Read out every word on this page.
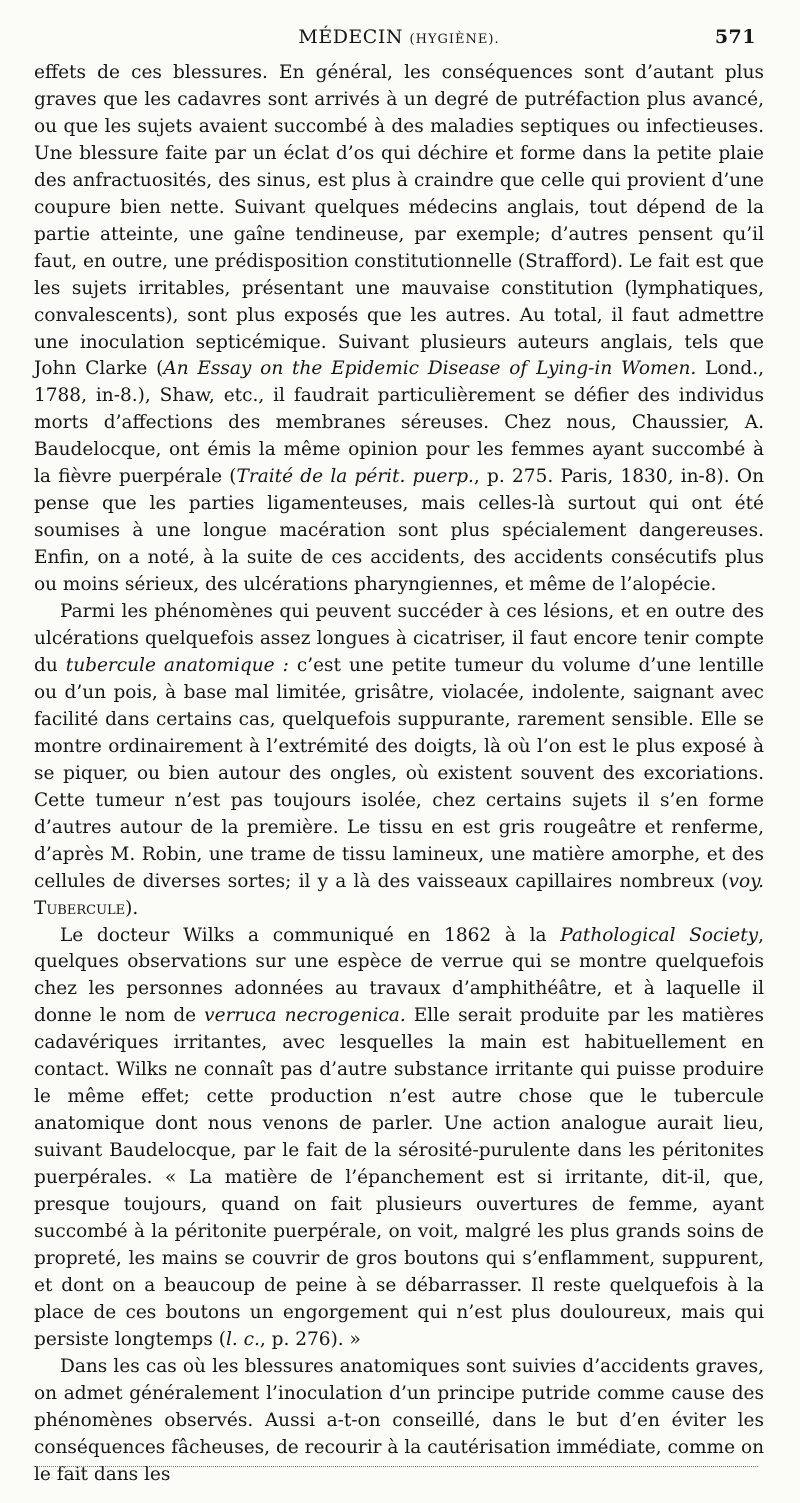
MÉDECIN (HYGIÈNE).	571

effets de ces blessures. En général, les conséquences sont d’autant plus graves que les cadavres sont arrivés à un degré de putréfaction plus avancé, ou que les sujets avaient succombé à des maladies septiques ou infectieuses. Une blessure faite par un éclat d’os qui déchire et forme dans la petite plaie des anfractuosités, des sinus, est plus à craindre que celle qui provient d’une coupure bien nette. Suivant quelques médecins anglais, tout dépend de la partie atteinte, une gaîne tendineuse, par exemple; d’autres pensent qu’il faut, en outre, une prédisposition constitutionnelle (Strafford). Le fait est que les sujets irritables, présentant une mauvaise constitution (lymphatiques, convalescents), sont plus exposés que les autres. Au total, il faut admettre une inoculation septicémique. Suivant plusieurs auteurs anglais, tels que John Clarke (An Essay on the Epidemic Disease of Lying-in Women. Lond., 1788, in-8.), Shaw, etc., il faudrait particulièrement se défier des individus morts d’affections des membranes séreuses. Chez nous, Chaussier, A. Baudelocque, ont émis la même opinion pour les femmes ayant succombé à la fièvre puerpérale (Traité de la périt. puerp., p. 275. Paris, 1830, in-8). On pense que les parties ligamenteuses, mais celles-là surtout qui ont été soumises à une longue macération sont plus spécialement dangereuses. Enfin, on a noté, à la suite de ces accidents, des accidents consécutifs plus ou moins sérieux, des ulcérations pharyngiennes, et même de l’alopécie.

Parmi les phénomènes qui peuvent succéder à ces lésions, et en outre des ulcérations quelquefois assez longues à cicatriser, il faut encore tenir compte du tubercule anatomique : c’est une petite tumeur du volume d’une lentille ou d’un pois, à base mal limitée, grisâtre, violacée, indolente, saignant avec facilité dans certains cas, quelquefois suppurante, rarement sensible. Elle se montre ordinairement à l’extrémité des doigts, là où l’on est le plus exposé à se piquer, ou bien autour des ongles, où existent souvent des excoriations. Cette tumeur n’est pas toujours isolée, chez certains sujets il s’en forme d’autres autour de la première. Le tissu en est gris rougeâtre et renferme, d’après M. Robin, une trame de tissu lamineux, une matière amorphe, et des cellules de diverses sortes; il y a là des vaisseaux capillaires nombreux (voy. Tubercule).

Le docteur Wilks a communiqué en 1862 à la Pathological Society, quelques observations sur une espèce de verrue qui se montre quelquefois chez les personnes adonnées au travaux d’amphithéâtre, et à laquelle il donne le nom de verruca necrogenica. Elle serait produite par les matières cadavériques irritantes, avec lesquelles la main est habituellement en contact. Wilks ne connaît pas d’autre substance irritante qui puisse produire le même effet; cette production n’est autre chose que le tubercule anatomique dont nous venons de parler. Une action analogue aurait lieu, suivant Baudelocque, par le fait de la sérosité-purulente dans les péritonites puerpérales. « La matière de l’épanchement est si irritante, dit-il, que, presque toujours, quand on fait plusieurs ouvertures de femme, ayant succombé à la péritonite puerpérale, on voit, malgré les plus grands soins de propreté, les mains se couvrir de gros boutons qui s’enflamment, suppurent, et dont on a beaucoup de peine à se débarrasser. Il reste quelquefois à la place de ces boutons un engorgement qui n’est plus douloureux, mais qui persiste longtemps (l. c., p. 276). »

Dans les cas où les blessures anatomiques sont suivies d’accidents graves, on admet généralement l’inoculation d’un principe putride comme cause des phénomènes observés. Aussi a-t-on conseillé, dans le but d’en éviter les conséquences fâcheuses, de recourir à la cautérisation immédiate, comme on le fait dans les
